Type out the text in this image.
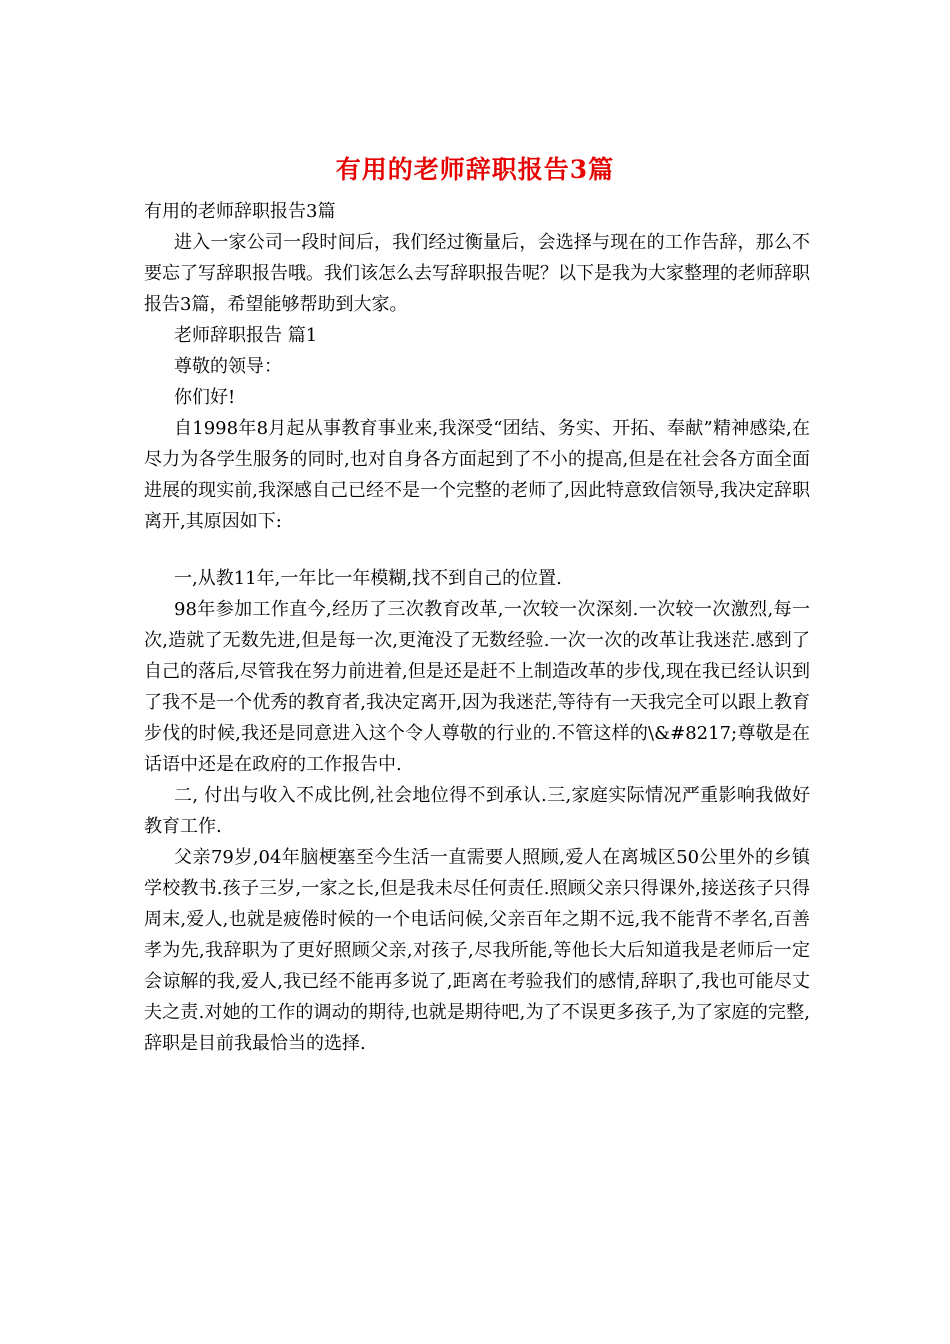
有用的老师辞职报告3篇

有用的老师辞职报告3篇

进入一家公司一段时间后，我们经过衡量后，会选择与现在的工作告辞，那么不要忘了写辞职报告哦。我们该怎么去写辞职报告呢？以下是我为大家整理的老师辞职报告3篇，希望能够帮助到大家。

老师辞职报告 篇1

尊敬的领导：

你们好!

自1998年8月起从事教育事业来,我深受“团结、务实、开拓、奉献”精神感染,在尽力为各学生服务的同时,也对自身各方面起到了不小的提高,但是在社会各方面全面进展的现实前,我深感自己已经不是一个完整的老师了,因此特意致信领导,我决定辞职离开,其原因如下:

一,从教11年,一年比一年模糊,找不到自己的位置.

98年参加工作直今,经历了三次教育改革,一次较一次深刻.一次较一次激烈,每一次,造就了无数先进,但是每一次,更淹没了无数经验.一次一次的改革让我迷茫.感到了自己的落后,尽管我在努力前进着,但是还是赶不上制造改革的步伐,现在我已经认识到了我不是一个优秀的教育者,我决定离开,因为我迷茫,等待有一天我完全可以跟上教育步伐的时候,我还是同意进入这个令人尊敬的行业的.不管这样的\&#8217;尊敬是在话语中还是在政府的工作报告中.

二, 付出与收入不成比例,社会地位得不到承认.三,家庭实际情况严重影响我做好教育工作.

父亲79岁,04年脑梗塞至今生活一直需要人照顾,爱人在离城区50公里外的乡镇学校教书.孩子三岁,一家之长,但是我未尽任何责任.照顾父亲只得课外,接送孩子只得周末,爱人,也就是疲倦时候的一个电话问候,父亲百年之期不远,我不能背不孝名,百善孝为先,我辞职为了更好照顾父亲,对孩子,尽我所能,等他长大后知道我是老师后一定会谅解的我,爱人,我已经不能再多说了,距离在考验我们的感情,辞职了,我也可能尽丈夫之责.对她的工作的调动的期待,也就是期待吧,为了不误更多孩子,为了家庭的完整,辞职是目前我最恰当的选择.
